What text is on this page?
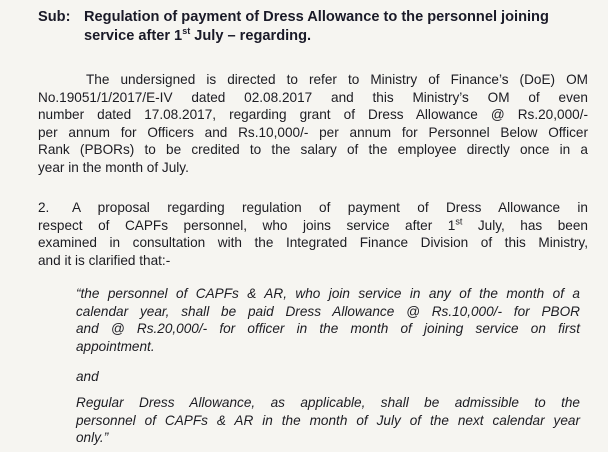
Sub: Regulation of payment of Dress Allowance to the personnel joining
service after 1st July – regarding.
The undersigned is directed to refer to Ministry of Finance’s (DoE) OM
No.19051/1/2017/E-IV dated 02.08.2017 and this Ministry’s OM of even
number dated 17.08.2017, regarding grant of Dress Allowance @ Rs.20,000/-
per annum for Officers and Rs.10,000/- per annum for Personnel Below Officer
Rank (PBORs) to be credited to the salary of the employee directly once in a
year in the month of July.
2. A proposal regarding regulation of payment of Dress Allowance in
respect of CAPFs personnel, who joins service after 1st July, has been
examined in consultation with the Integrated Finance Division of this Ministry,
and it is clarified that:-
“the personnel of CAPFs & AR, who join service in any of the month of a
calendar year, shall be paid Dress Allowance @ Rs.10,000/- for PBOR
and @ Rs.20,000/- for officer in the month of joining service on first
appointment.
and
Regular Dress Allowance, as applicable, shall be admissible to the
personnel of CAPFs & AR in the month of July of the next calendar year
only.”
